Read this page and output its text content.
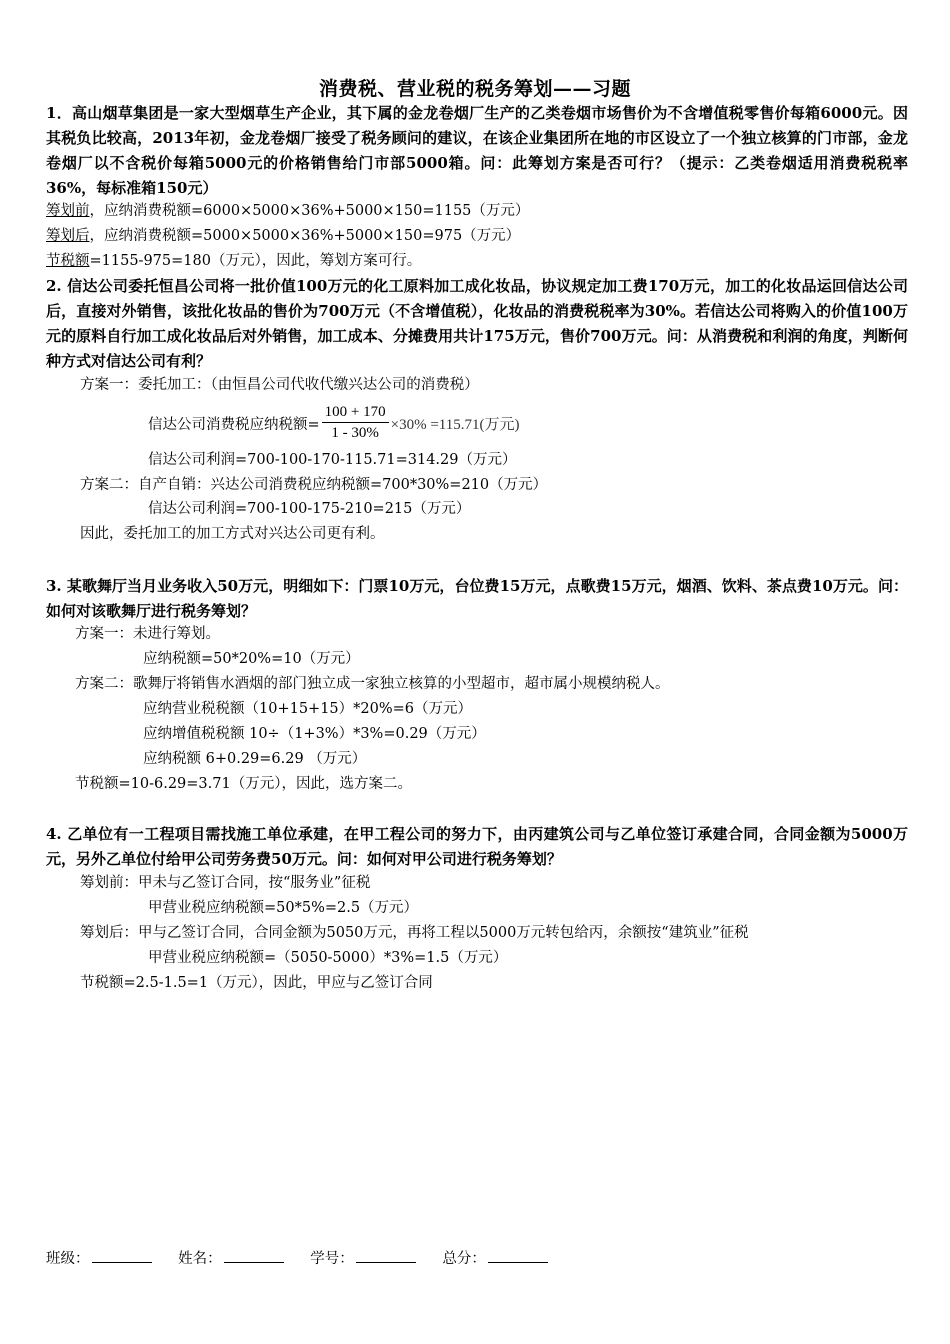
消费税、营业税的税务筹划——习题
1．高山烟草集团是一家大型烟草生产企业，其下属的金龙卷烟厂生产的乙类卷烟市场售价为不含增值税零售价每箱6000元。因其税负比较高，2013年初，金龙卷烟厂接受了税务顾问的建议，在该企业集团所在地的市区设立了一个独立核算的门市部，金龙卷烟厂以不含税价每箱5000元的价格销售给门市部5000箱。问：此筹划方案是否可行？（提示：乙类卷烟适用消费税税率36%，每标准箱150元）
筹划前，应纳消费税额=6000×5000×36%+5000×150=1155（万元）
筹划后，应纳消费税额=5000×5000×36%+5000×150=975（万元）
节税额=1155-975=180（万元），因此，筹划方案可行。
2. 信达公司委托恒昌公司将一批价值100万元的化工原料加工成化妆品，协议规定加工费170万元，加工的化妆品运回信达公司后，直接对外销售，该批化妆品的售价为700万元（不含增值税），化妆品的消费税税率为30%。若信达公司将购入的价值100万元的原料自行加工成化妆品后对外销售，加工成本、分摊费用共计175万元，售价700万元。问：从消费税和利润的角度，判断何种方式对信达公司有利？
方案一：委托加工：（由恒昌公司代收代缴兴达公司的消费税）
信达公司消费税应纳税额= $\frac{100 + 170}{1 - 30\%} \times 30\% =115.71$(万元)
信达公司利润=700-100-170-115.71=314.29（万元）
方案二：自产自销：兴达公司消费税应纳税额=700*30%=210（万元）
信达公司利润=700-100-175-210=215（万元）
因此，委托加工的加工方式对兴达公司更有利。
3. 某歌舞厅当月业务收入50万元，明细如下：门票10万元，台位费15万元，点歌费15万元，烟酒、饮料、茶点费10万元。问：如何对该歌舞厅进行税务筹划？
方案一：未进行筹划。
应纳税额=50*20%=10（万元）
方案二：歌舞厅将销售水酒烟的部门独立成一家独立核算的小型超市，超市属小规模纳税人。
应纳营业税税额（10+15+15）*20%=6（万元）
应纳增值税税额 10÷（1+3%）*3%=0.29（万元）
应纳税额 6+0.29=6.29 （万元）
节税额=10-6.29=3.71（万元），因此，选方案二。
4. 乙单位有一工程项目需找施工单位承建，在甲工程公司的努力下，由丙建筑公司与乙单位签订承建合同，合同金额为5000万元，另外乙单位付给甲公司劳务费50万元。问：如何对甲公司进行税务筹划？
筹划前：甲未与乙签订合同，按“服务业”征税
甲营业税应纳税额=50*5%=2.5（万元）
筹划后：甲与乙签订合同，合同金额为5050万元，再将工程以5000万元转包给丙，余额按“建筑业”征税
甲营业税应纳税额=（5050-5000）*3%=1.5（万元）
节税额=2.5-1.5=1（万元），因此，甲应与乙签订合同
班级：	姓名：	学号：	总分：
